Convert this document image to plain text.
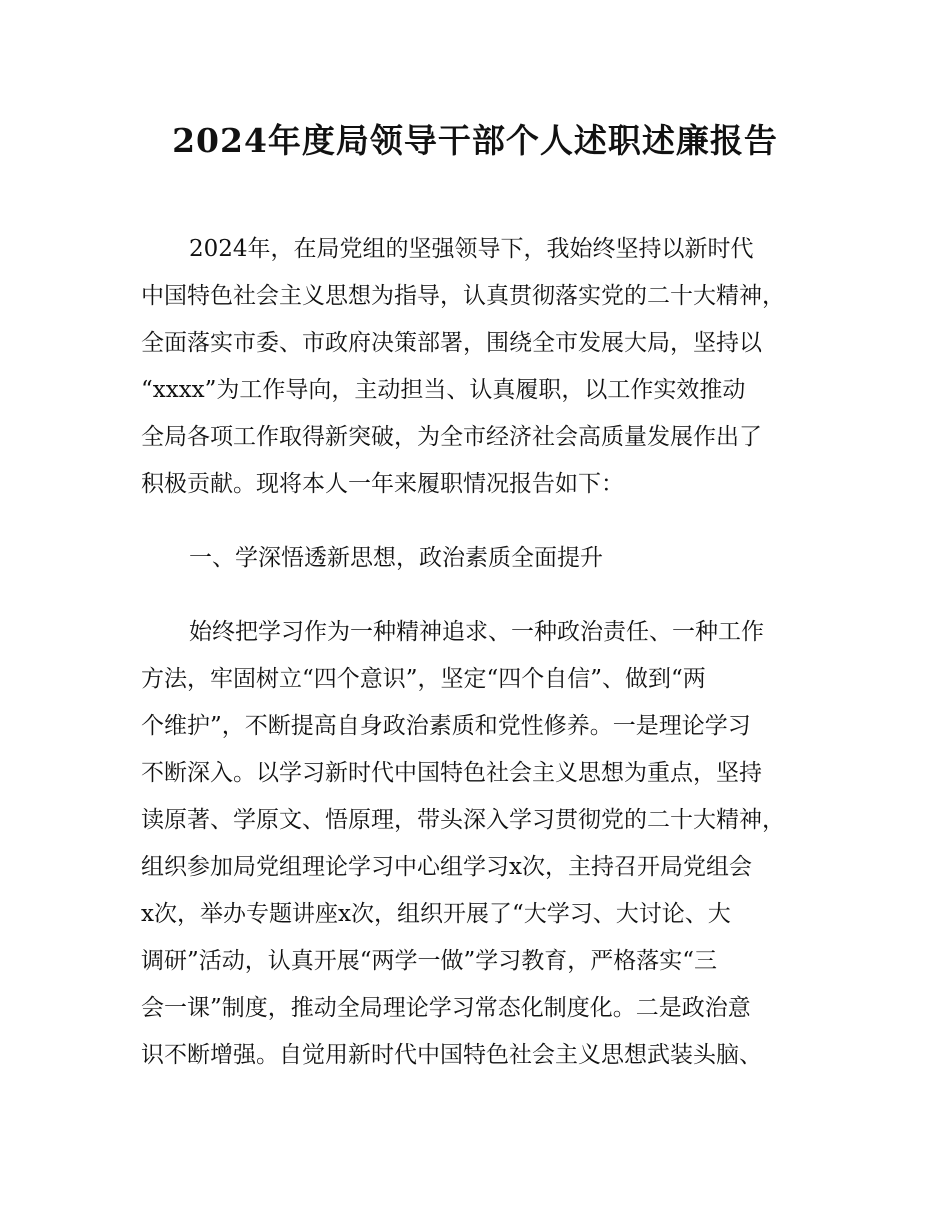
2024年度局领导干部个人述职述廉报告
2024年，在局党组的坚强领导下，我始终坚持以新时代
中国特色社会主义思想为指导，认真贯彻落实党的二十大精神，
全面落实市委、市政府决策部署，围绕全市发展大局，坚持以
“xxxx”为工作导向，主动担当、认真履职，以工作实效推动
全局各项工作取得新突破，为全市经济社会高质量发展作出了
积极贡献。现将本人一年来履职情况报告如下：
一、学深悟透新思想，政治素质全面提升
始终把学习作为一种精神追求、一种政治责任、一种工作
方法，牢固树立“四个意识”，坚定“四个自信”、做到“两
个维护”，不断提高自身政治素质和党性修养。一是理论学习
不断深入。以学习新时代中国特色社会主义思想为重点，坚持
读原著、学原文、悟原理，带头深入学习贯彻党的二十大精神，
组织参加局党组理论学习中心组学习x次，主持召开局党组会
x次，举办专题讲座x次，组织开展了“大学习、大讨论、大
调研”活动，认真开展“两学一做”学习教育，严格落实“三
会一课”制度，推动全局理论学习常态化制度化。二是政治意
识不断增强。自觉用新时代中国特色社会主义思想武装头脑、
